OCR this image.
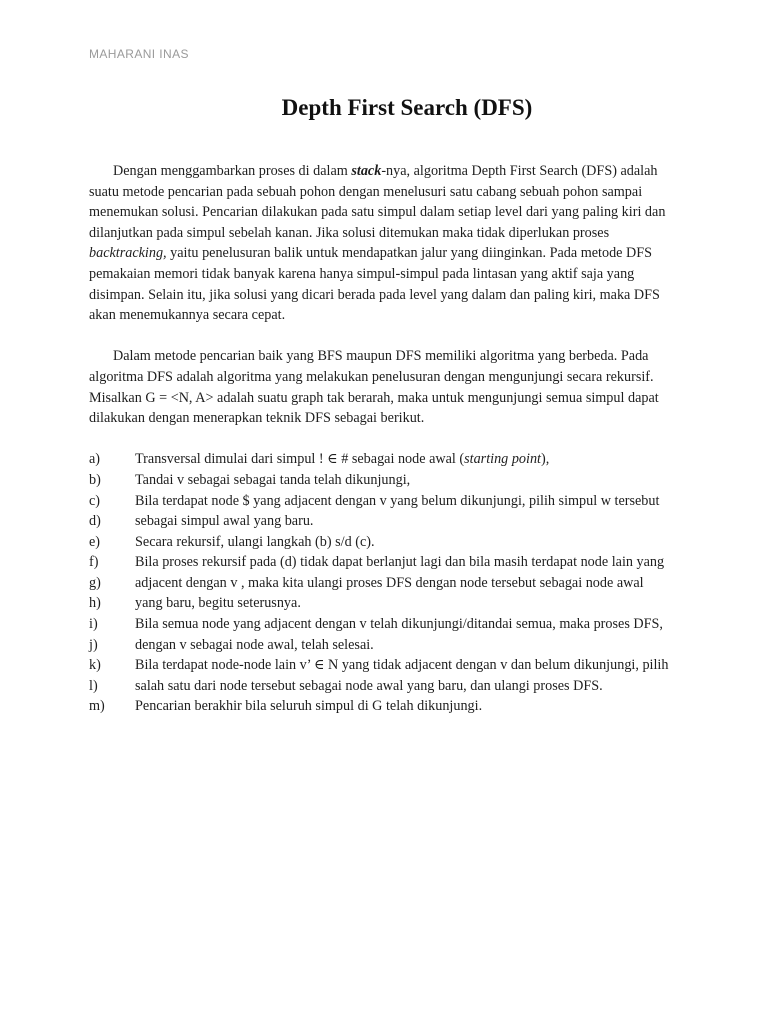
MAHARANI INAS
Depth First Search (DFS)

Dengan menggambarkan proses di dalam stack-nya, algoritma Depth First Search (DFS) adalah suatu metode pencarian pada sebuah pohon dengan menelusuri satu cabang sebuah pohon sampai menemukan solusi. Pencarian dilakukan pada satu simpul dalam setiap level dari yang paling kiri dan dilanjutkan pada simpul sebelah kanan. Jika solusi ditemukan maka tidak diperlukan proses backtracking, yaitu penelusuran balik untuk mendapatkan jalur yang diinginkan. Pada metode DFS pemakaian memori tidak banyak karena hanya simpul-simpul pada lintasan yang aktif saja yang disimpan. Selain itu, jika solusi yang dicari berada pada level yang dalam dan paling kiri, maka DFS akan menemukannya secara cepat.

Dalam metode pencarian baik yang BFS maupun DFS memiliki algoritma yang berbeda. Pada algoritma DFS adalah algoritma yang melakukan penelusuran dengan mengunjungi secara rekursif. Misalkan G = <N, A> adalah suatu graph tak berarah, maka untuk mengunjungi semua simpul dapat dilakukan dengan menerapkan teknik DFS sebagai berikut.

a)	Transversal dimulai dari simpul ! ∈ # sebagai node awal (starting point),
b)	Tandai v sebagai sebagai tanda telah dikunjungi,
c)	Bila terdapat node $ yang adjacent dengan v yang belum dikunjungi, pilih simpul w tersebut
d)	sebagai simpul awal yang baru.
e)	Secara rekursif, ulangi langkah (b) s/d (c).
f)	Bila proses rekursif pada (d) tidak dapat berlanjut lagi dan bila masih terdapat node lain yang
g)	adjacent dengan v , maka kita ulangi proses DFS dengan node tersebut sebagai node awal
h)	yang baru, begitu seterusnya.
i)	Bila semua node yang adjacent dengan v telah dikunjungi/ditandai semua, maka proses DFS,
j)	dengan v sebagai node awal, telah selesai.
k)	Bila terdapat node-node lain v’ ∈ N yang tidak adjacent dengan v dan belum dikunjungi, pilih
l)	salah satu dari node tersebut sebagai node awal yang baru, dan ulangi proses DFS.
m)	Pencarian berakhir bila seluruh simpul di G telah dikunjungi.
